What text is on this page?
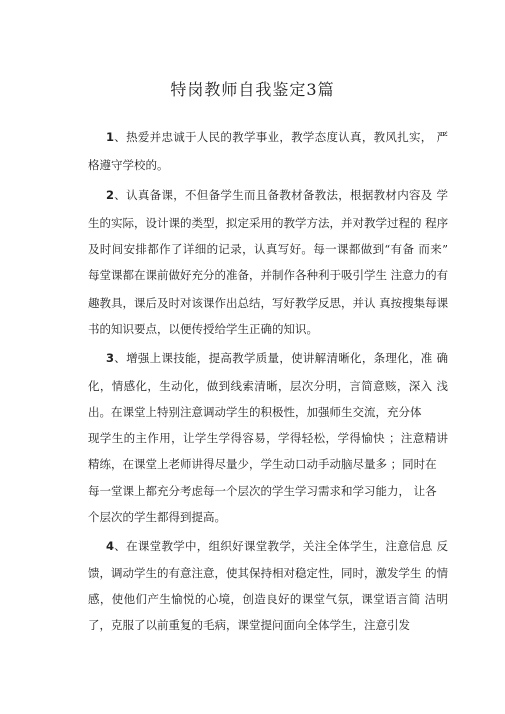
特岗教师自我鉴定3篇
1、热爱并忠诚于人民的教学事业，教学态度认真，教风扎实， 严
格遵守学校的。
2、认真备课，不但备学生而且备教材备教法，根据教材内容及 学
生的实际，设计课的类型，拟定采用的教学方法，并对教学过程的 程序
及时间安排都作了详细的记录，认真写好。每一课都做到“有备 而来”
每堂课都在课前做好充分的准备，并制作各种利于吸引学生 注意力的有
趣教具，课后及时对该课作出总结，写好教学反思，并认 真按搜集每课
书的知识要点，以便传授给学生正确的知识。
3、增强上课技能，提高教学质量，使讲解清晰化，条理化，准 确
化，情感化，生动化，做到线索清晰，层次分明，言简意赅，深入 浅
出。在课堂上特别注意调动学生的积极性，加强师生交流，充分体
现学生的主作用，让学生学得容易，学得轻松，学得愉快 ；注意精讲
精练，在课堂上老师讲得尽量少，学生动口动手动脑尽量多 ；同时在
每一堂课上都充分考虑每一个层次的学生学习需求和学习能力， 让各
个层次的学生都得到提高。
4、在课堂教学中，组织好课堂教学，关注全体学生，注意信息 反
馈，调动学生的有意注意，使其保持相对稳定性，同时，激发学生 的情
感，使他们产生愉悦的心境，创造良好的课堂气氛，课堂语言简 洁明
了，克服了以前重复的毛病，课堂提问面向全体学生，注意引发
